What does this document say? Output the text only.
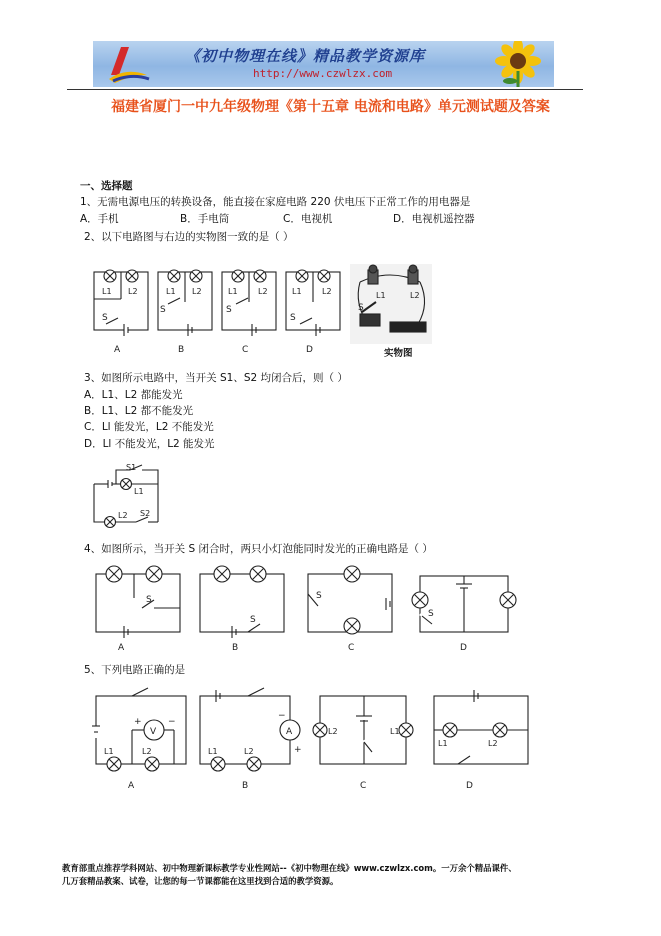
《初中物理在线》精品教学资源库
http://www.czwlzx.com
福建省厦门一中九年级物理《第十五章 电流和电路》单元测试题及答案
一、选择题
1、无需电源电压的转换设备，能直接在家庭电路 220 伏电压下正常工作的用电器是
A．手机	B．手电筒	C．电视机	D．电视机遥控器
2、以下电路图与右边的实物图一致的是（ ）
L1 L2
S
A
L1 L2
S
B
L1	L2
S
C
L1	L2
S
D
L1	L2
S
实物图
3、如图所示电路中，当开关 S1、S2 均闭合后，则（ ）
A．L1、L2 都能发光
B．L1、L2 都不能发光
C．Ll 能发光，L2 不能发光
D．Ll 不能发光，L2 能发光
S1
L1
L2 S2
4、如图所示，当开关 S 闭合时，两只小灯泡能同时发光的正确电路是（ ）
S
A
S
B
S
C
S
D
5、下列电路正确的是
V
+	−
L1	L2
A
A
−
+
L1	L2
B
L2	L1
C
L1	L2
D
教育部重点推荐学科网站、初中物理新课标教学专业性网站--《初中物理在线》www.czwlzx.com。一万余个精品课件、
几万套精品教案、试卷，让您的每一节课都能在这里找到合适的教学资源。
